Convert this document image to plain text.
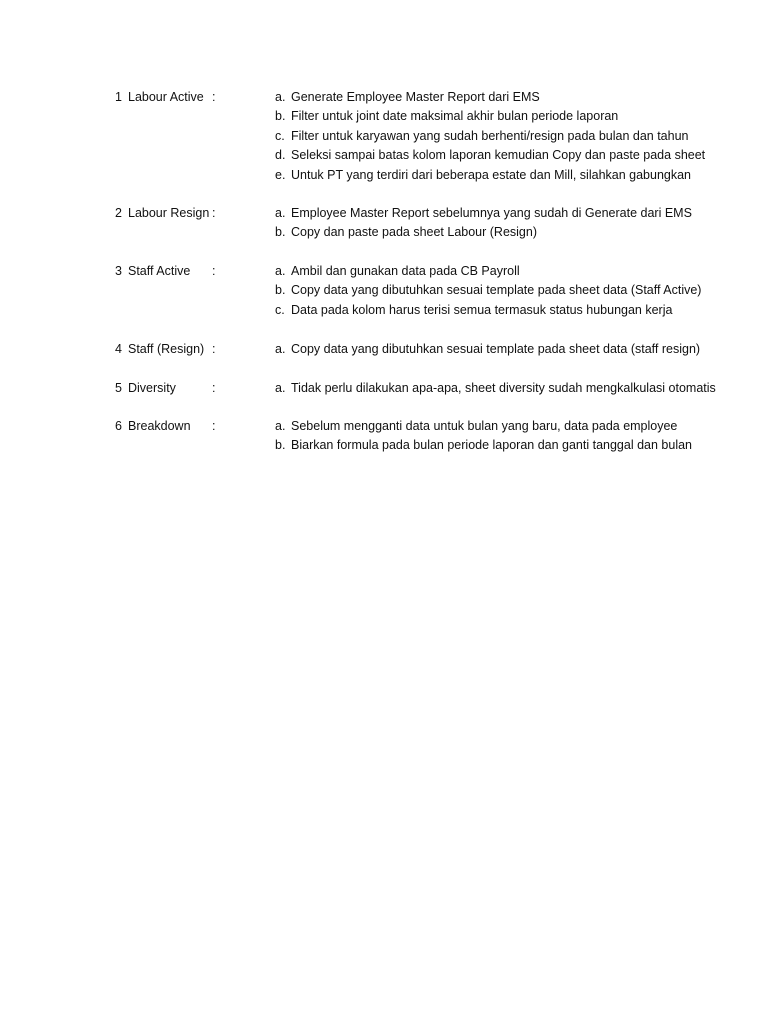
1 Labour Active :	a. Generate Employee Master Report dari EMS
b. Filter untuk joint date maksimal akhir bulan periode laporan
c. Filter untuk karyawan yang sudah berhenti/resign pada bulan dan tahun
d. Seleksi sampai batas kolom laporan kemudian Copy dan paste pada sheet
e. Untuk PT yang terdiri dari beberapa estate dan Mill, silahkan gabungkan
2 Labour Resign :	a. Employee Master Report sebelumnya yang sudah di Generate dari EMS
b. Copy dan paste pada sheet Labour (Resign)
3 Staff Active	:	a. Ambil dan gunakan data pada CB Payroll
b. Copy data yang dibutuhkan sesuai template pada sheet data (Staff Active)
c. Data pada kolom harus terisi semua termasuk status hubungan kerja
4 Staff (Resign) :	a. Copy data yang dibutuhkan sesuai template pada sheet data (staff resign)
5 Diversity	:	a. Tidak perlu dilakukan apa-apa, sheet diversity sudah mengkalkulasi otomatis
6 Breakdown	:	a. Sebelum mengganti data untuk bulan yang baru, data pada employee
b. Biarkan formula pada bulan periode laporan dan ganti tanggal dan bulan
